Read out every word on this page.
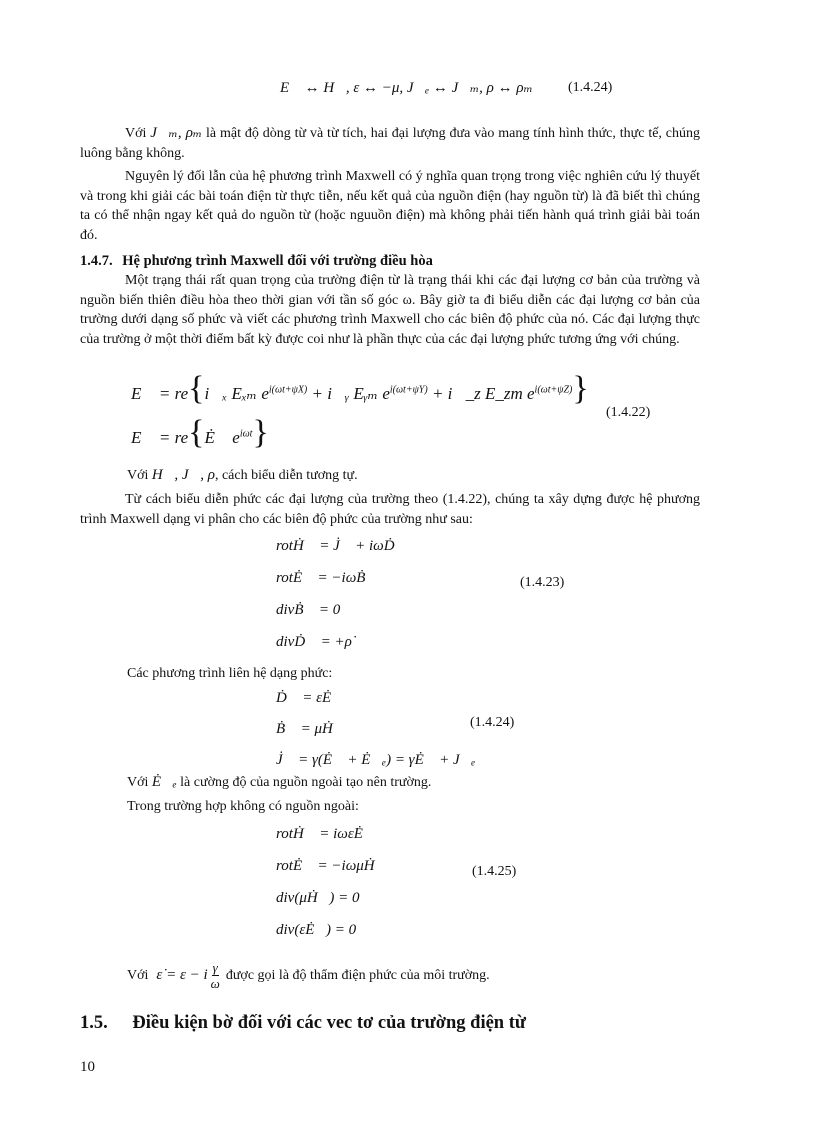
E⃗ ↔ H⃗, ε ↔ −μ, J⃗ₑ ↔ J⃗ₘ, ρ ↔ ρₘ	(1.4.24)
Với J⃗ₘ, ρₘ là mật độ dòng từ và từ tích, hai đại lượng đưa vào mang tính hình thức, thực tế, chúng luông bằng không.
Nguyên lý đối lẫn của hệ phương trình Maxwell có ý nghĩa quan trọng trong việc nghiên cứu lý thuyết và trong khi giải các bài toán điện từ thực tiễn, nếu kết quả của nguồn điện (hay nguồn từ) là đã biết thì chúng ta có thể nhận ngay kết quả do nguồn từ (hoặc nguuồn điện) mà không phải tiến hành quá trình giải bài toán đó.
1.4.7. Hệ phương trình Maxwell đối với trường điều hòa
Một trạng thái rất quan trọng của trường điện từ là trạng thái khi các đại lượng cơ bản của trường và nguồn biến thiên điều hòa theo thời gian với tần số góc ω. Bây giờ ta đi biểu diễn các đại lượng cơ bản của trường dưới dạng số phức và viết các phương trình Maxwell cho các biên độ phức của nó. Các đại lượng thực của trường ở một thời điểm bất kỳ được coi như là phần thực của các đại lượng phức tương ứng với chúng.
E⃗ = re{i⃗ₓ Eₓₘ $e^{i(\omega t+\psi X)}$ + i⃗ᵧ Eᵧₘ $e^{i(\omega t+\psi Y)}$ + i⃗_z E_zm $e^{i(\omega t+\psi Z)}$}
E⃗ = re{Ė⃗ $e^{i\omega t}$}
(1.4.22)
Với H⃗, J⃗, ρ, cách biểu diễn tương tự.
Từ cách biểu diễn phức các đại lượng của trường theo (1.4.22), chúng ta xây dựng được hệ phương trình Maxwell dạng vi phân cho các biên độ phức của trường như sau:
rotḢ⃗ = J̇⃗ + iωḊ⃗
rotĖ⃗ = −iωḂ⃗
divḂ⃗ = 0
divḊ⃗ = +ρ̇
(1.4.23)
Các phương trình liên hệ dạng phức:
Ḋ⃗ = εĖ⃗
Ḃ⃗ = μḢ⃗
J̇⃗ = γ(Ė⃗ + Ė⃗ₑ) = γĖ⃗ + J⃗ₑ
(1.4.24)
Với Ė⃗ₑ là cường độ của nguồn ngoài tạo nên trường.
Trong trường hợp không có nguồn ngoài:
rotḢ⃗ = iωε̇Ė⃗
rotĖ⃗ = −iωμḢ⃗
div(μḢ⃗) = 0
div(ε̇Ė⃗) = 0
(1.4.25)
Với ε̇ = ε − i $\frac{\gamma}{\omega}$ được gọi là độ thẩm điện phức của môi trường.
1.5. Điều kiện bờ đối với các vec tơ của trường điện từ
10
